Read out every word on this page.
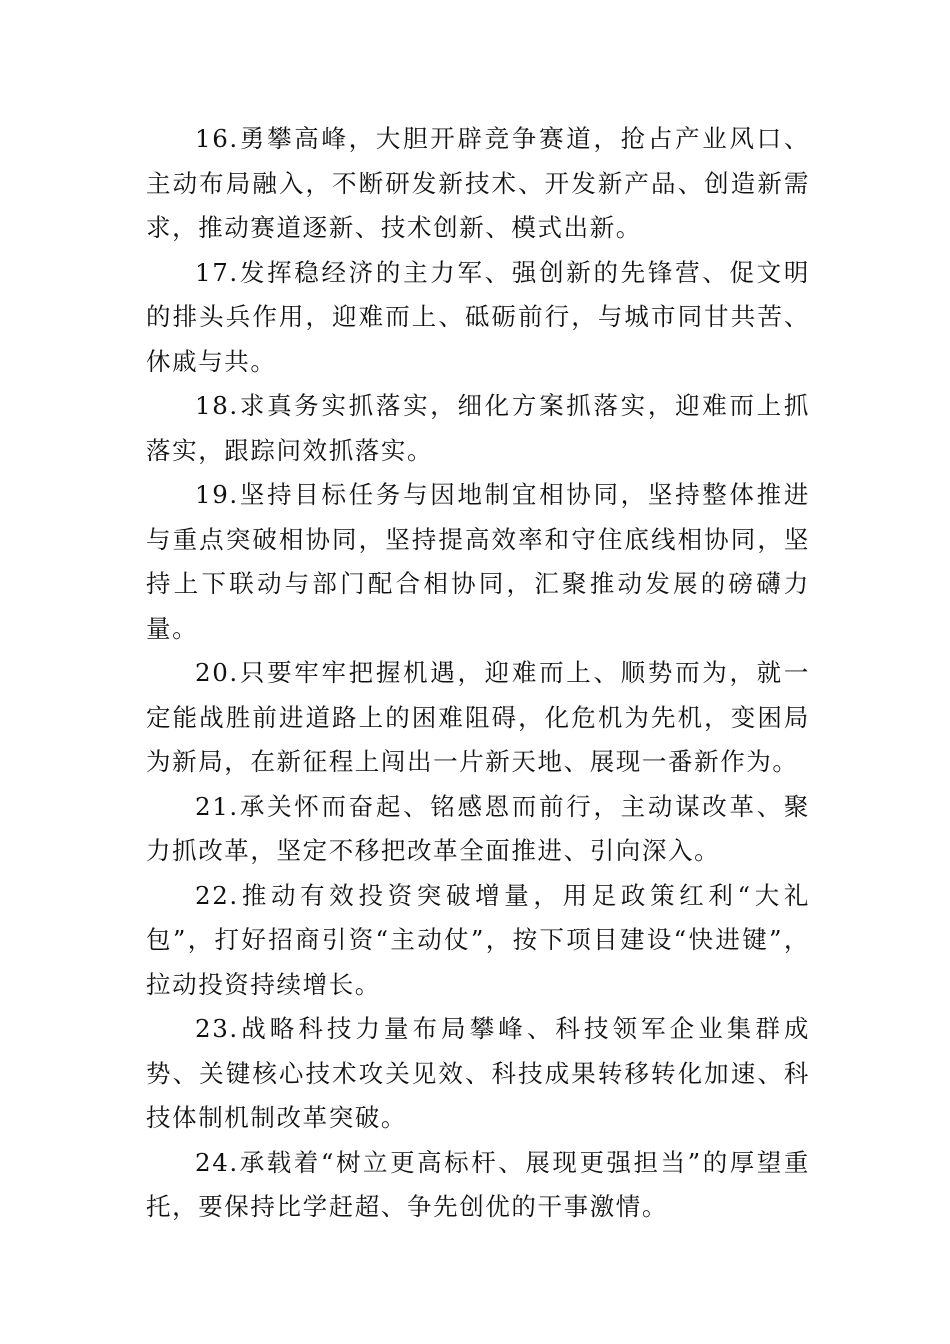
16.勇攀高峰，大胆开辟竞争赛道，抢占产业风口、主动布局融入，不断研发新技术、开发新产品、创造新需求，推动赛道逐新、技术创新、模式出新。

17.发挥稳经济的主力军、强创新的先锋营、促文明的排头兵作用，迎难而上、砥砺前行，与城市同甘共苦、休戚与共。

18.求真务实抓落实，细化方案抓落实，迎难而上抓落实，跟踪问效抓落实。

19.坚持目标任务与因地制宜相协同，坚持整体推进与重点突破相协同，坚持提高效率和守住底线相协同，坚持上下联动与部门配合相协同，汇聚推动发展的磅礴力量。

20.只要牢牢把握机遇，迎难而上、顺势而为，就一定能战胜前进道路上的困难阻碍，化危机为先机，变困局为新局，在新征程上闯出一片新天地、展现一番新作为。

21.承关怀而奋起、铭感恩而前行，主动谋改革、聚力抓改革，坚定不移把改革全面推进、引向深入。

22.推动有效投资突破增量，用足政策红利“大礼包”，打好招商引资“主动仗”，按下项目建设“快进键”，拉动投资持续增长。

23.战略科技力量布局攀峰、科技领军企业集群成势、关键核心技术攻关见效、科技成果转移转化加速、科技体制机制改革突破。

24.承载着“树立更高标杆、展现更强担当”的厚望重托，要保持比学赶超、争先创优的干事激情。
